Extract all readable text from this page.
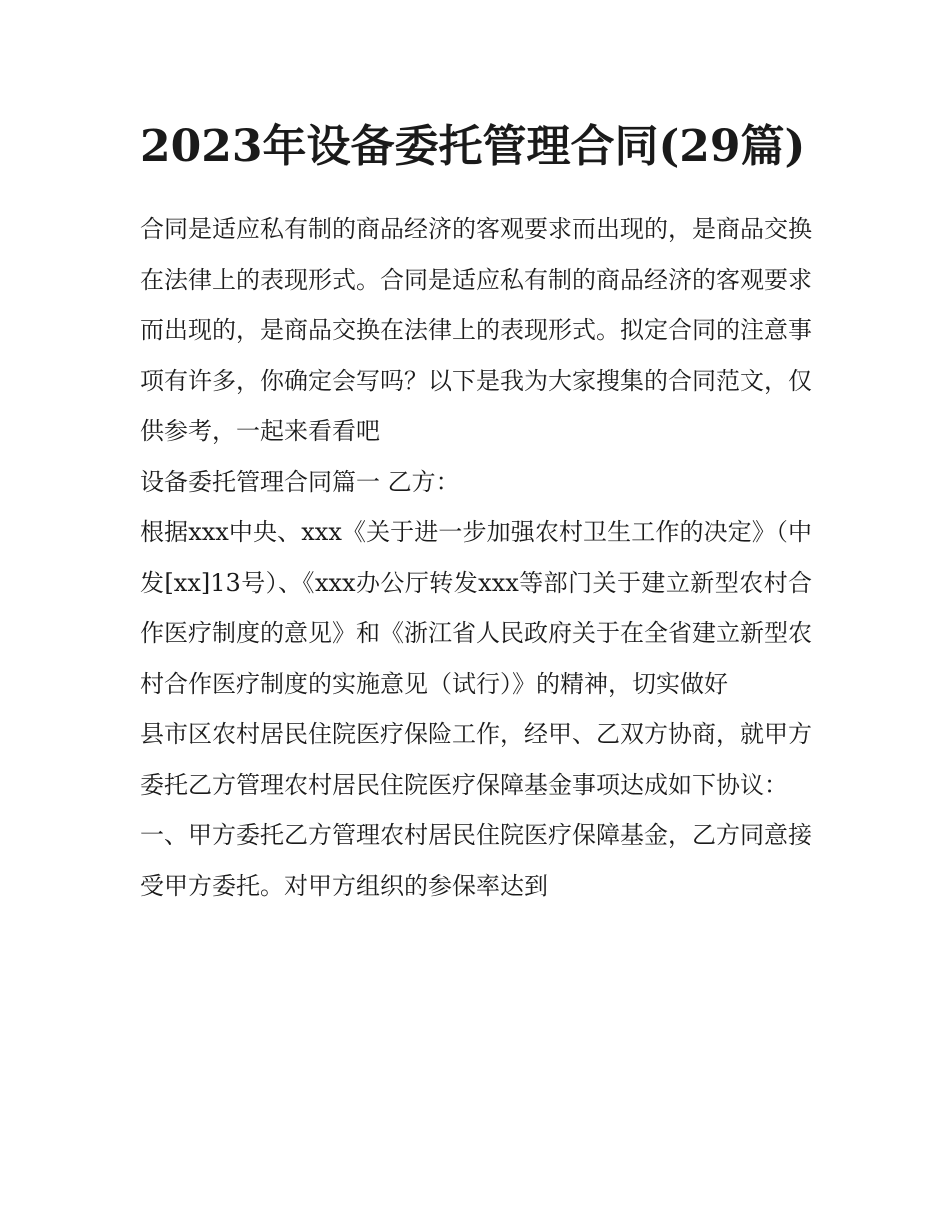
2023年设备委托管理合同(29篇)

合同是适应私有制的商品经济的客观要求而出现的，是商品交换在法律上的表现形式。合同是适应私有制的商品经济的客观要求而出现的，是商品交换在法律上的表现形式。拟定合同的注意事项有许多，你确定会写吗？以下是我为大家搜集的合同范文，仅供参考，一起来看看吧

设备委托管理合同篇一 乙方：

根据xxx中央、xxx《关于进一步加强农村卫生工作的决定》（中发[xx]13号）、《xxx办公厅转发xxx等部门关于建立新型农村合作医疗制度的意见》和《浙江省人民政府关于在全省建立新型农村合作医疗制度的实施意见（试行）》的精神，切实做好

县市区农村居民住院医疗保险工作，经甲、乙双方协商，就甲方委托乙方管理农村居民住院医疗保障基金事项达成如下协议：

一、甲方委托乙方管理农村居民住院医疗保障基金，乙方同意接受甲方委托。对甲方组织的参保率达到
